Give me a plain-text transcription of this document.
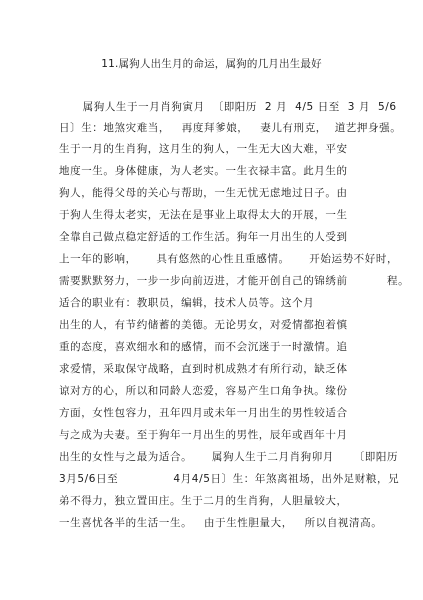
11.属狗人出生月的命运，属狗的几月出生最好
属狗人生于一月肖狗寅月  〔即阳历  2 月  4/5 日至  3 月  5/6
日〕生：地煞灾难当，   再度拜爹娘，   妻儿有刑克，  道艺押身强。
生于一月的生肖狗，这月生的狗人，一生无大凶大难，平安
地度一生。身体健康，为人老实。一生衣禄丰富。此月生的
狗人，能得父母的关心与帮助，一生无忧无虑地过日子。由
于狗人生得太老实，无法在是事业上取得太大的开展，一生
全靠自己做点稳定舒适的工作生活。狗年一月出生的人受到
上一年的影响，     具有悠然的心性且重感情。     开始运势不好时，
需要默默努力，一步一步向前迈进，才能开创自己的锦绣前          程。
适合的职业有：教职员，编辑，技术人员等。这个月
出生的人，有节约储蓄的美德。无论男女，对爱情都抱着慎
重的态度，喜欢细水和的感情，而不会沉迷于一时激情。追
求爱情，采取保守战略，直到时机成熟才有所行动，缺乏体
谅对方的心，所以和同龄人恋爱，容易产生口角争执。缘份
方面，女性包容力，丑年四月或未年一月出生的男性较适合
与之成为夫妻。至于狗年一月出生的男性，辰年或酉年十月
出生的女性与之最为适合。     属狗人生于二月肖狗卯月     〔即阳历
3月5/6日至              4月4/5日〕生：年煞离祖场，出外足财粮，兄
弟不得力，独立置田庄。生于二月的生肖狗，人胆量较大，
一生喜忧各半的生活一生。   由于生性胆量大，   所以自视清高。
